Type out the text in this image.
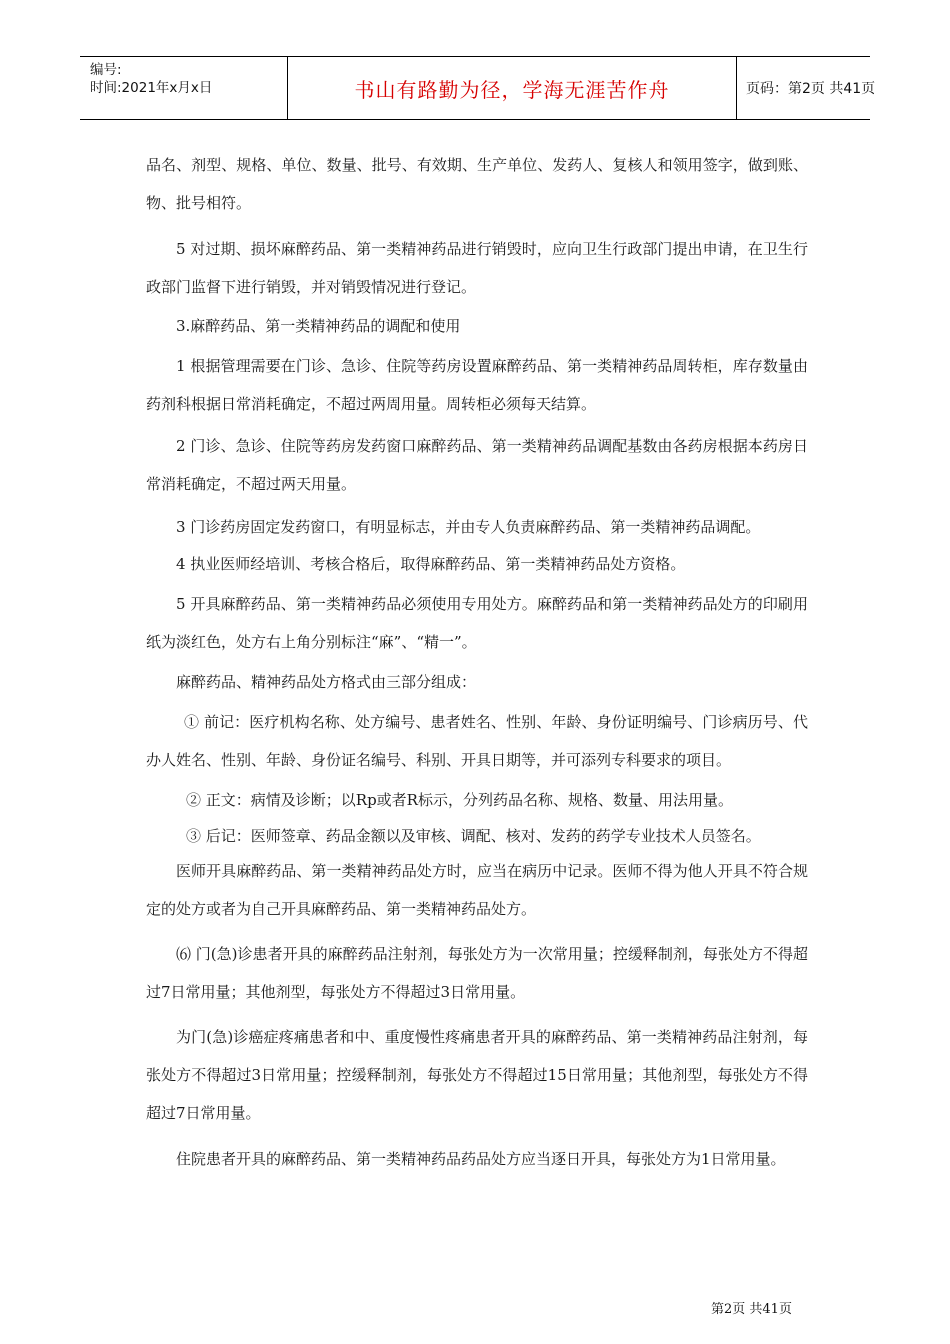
编号:
时间:2021年x月x日	书山有路勤为径，学海无涯苦作舟	页码：第2页 共41页
品名、剂型、规格、单位、数量、批号、有效期、生产单位、发药人、复核人和领用签字，做到账、物、批号相符。
5 对过期、损坏麻醉药品、第一类精神药品进行销毁时，应向卫生行政部门提出申请，在卫生行政部门监督下进行销毁，并对销毁情况进行登记。
3.麻醉药品、第一类精神药品的调配和使用
1 根据管理需要在门诊、急诊、住院等药房设置麻醉药品、第一类精神药品周转柜，库存数量由药剂科根据日常消耗确定，不超过两周用量。周转柜必须每天结算。
2 门诊、急诊、住院等药房发药窗口麻醉药品、第一类精神药品调配基数由各药房根据本药房日常消耗确定，不超过两天用量。
3 门诊药房固定发药窗口，有明显标志，并由专人负责麻醉药品、第一类精神药品调配。
4 执业医师经培训、考核合格后，取得麻醉药品、第一类精神药品处方资格。
5 开具麻醉药品、第一类精神药品必须使用专用处方。麻醉药品和第一类精神药品处方的印刷用纸为淡红色，处方右上角分别标注“麻”、“精一”。
麻醉药品、精神药品处方格式由三部分组成：
① 前记：医疗机构名称、处方编号、患者姓名、性别、年龄、身份证明编号、门诊病历号、代办人姓名、性别、年龄、身份证名编号、科别、开具日期等，并可添列专科要求的项目。
② 正文：病情及诊断；以Rp或者R标示，分列药品名称、规格、数量、用法用量。
③ 后记：医师签章、药品金额以及审核、调配、核对、发药的药学专业技术人员签名。
医师开具麻醉药品、第一类精神药品处方时，应当在病历中记录。医师不得为他人开具不符合规定的处方或者为自己开具麻醉药品、第一类精神药品处方。
⑹ 门(急)诊患者开具的麻醉药品注射剂，每张处方为一次常用量；控缓释制剂，每张处方不得超过7日常用量；其他剂型，每张处方不得超过3日常用量。
为门(急)诊癌症疼痛患者和中、重度慢性疼痛患者开具的麻醉药品、第一类精神药品注射剂，每张处方不得超过3日常用量；控缓释制剂，每张处方不得超过15日常用量；其他剂型，每张处方不得超过7日常用量。
住院患者开具的麻醉药品、第一类精神药品药品处方应当逐日开具，每张处方为1日常用量。
第2页 共41页
